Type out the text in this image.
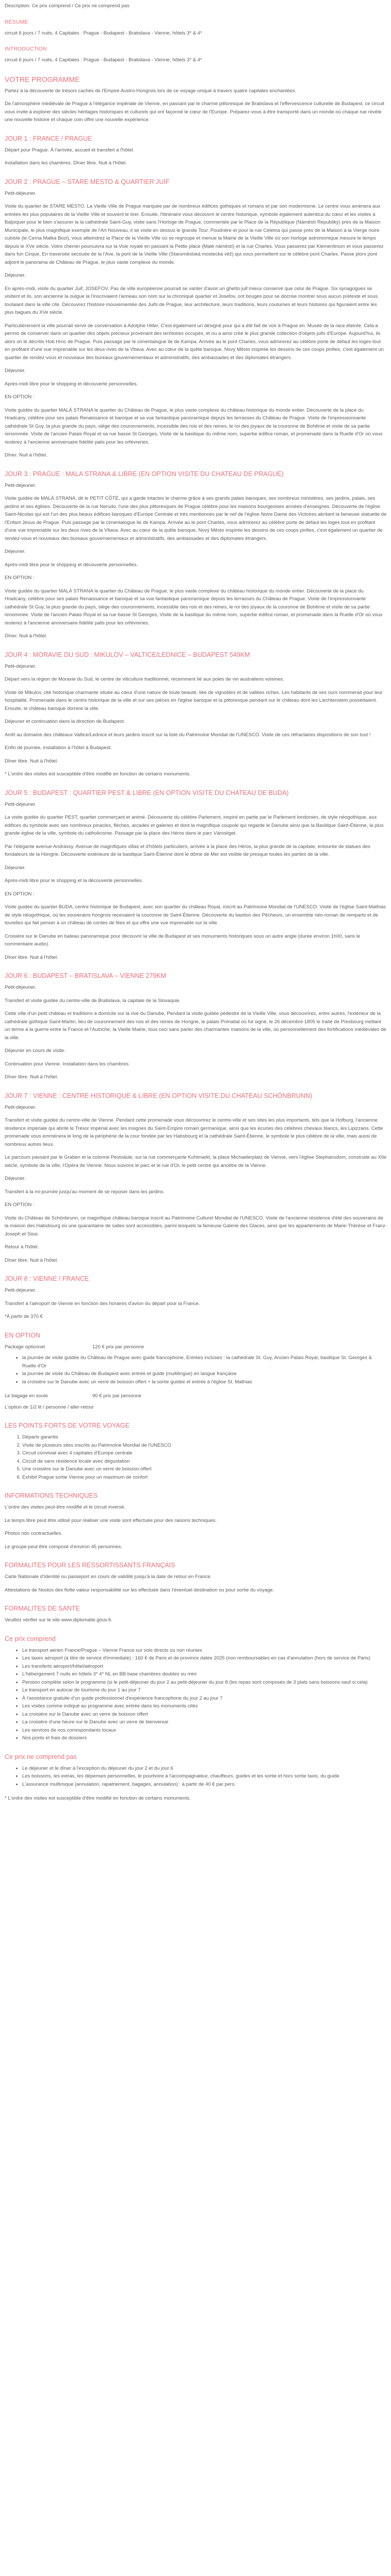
Description: Ce prix comprend / Ce prix ne comprend pas

RÉSUMÉ

circuit 6 jours / 7 nuits, 4 Capitales : Prague - Budapest - Bratislava - Vienne, hôtels 3* & 4*

INTRODUCTION

circuit 6 jours / 7 nuits, 4 Capitales : Prague - Budapest - Bratislava - Vienne, hôtels 3* & 4*

VOTRE PROGRAMME

Partez à la découverte de trésors cachés de l'Empire Austro-Hongrois lors de ce voyage unique à travers quatre capitales enchantées.

De l'atmosphère médiévale de Prague à l'élégance impériale de Vienne, en passant par le charme pittoresque de Bratislava et l'effervescence culturelle de Budapest, ce circuit vous invite à explorer des siècles héritages historiques et culturels qui ont façonné le cœur de l'Europe. Préparez-vous à être transporté dans un monde où chaque rue révèle une nouvelle histoire et chaque coin offre une nouvelle expérience.

JOUR 1 : FRANCE / PRAGUE

Départ pour Prague. À l'arrivée, accueil et transfert à l'hôtel.

Installation dans les chambres. Dîner libre. Nuit à l'hôtel.

JOUR 2 : PRAGUE – STARE MESTO & QUARTIER JUIF

Petit-déjeuner.

Visite du quartier de STARE MESTO. La Vieille Ville de Prague marquée par de nombreux édifices gothiques et romans et par son modernisme. Le centre vous amènera aux entrées les plus populaires de la Vieille Ville et souvent le tirer. Ensuite, l'itinéraire vous découvrir le centre historique, symbole également autentica du cœur et les visites à Balpiquer pour le bien s'assurer la la cathédrale Saint-Guy, visite sans l'Horloge de Prague, commentée par le Place de la République (Náměstí Republiky) près de la Maison Municipale, le plus magnifique exemple de l'Art Nouveau, il se visite en dessus le grande Tour. Poudrière et pour la rue Celetna qui passe près de la Maison à la Vierge noire cubiste (le Cerna Matka Bozi), vous atteindrez la Place de la Vieille Ville où se regroupe et menue la Mairie de la Vieille Ville où son horloge astronomique mesure le temps depuis le XVe siècle. Votre chemin poursuivra sur la Voie royale en passant la Petite place (Malé náměstí) et la rue Charles. Vous passerez par Klementinum et vous passerez dans fun Cirque. En traversée secouée de la l'Ave, la pont de la Vieille Ville (Staroměstská mostecká věž) qui vous permettent sur le célèbre pont Charles. Passe plors pont adjoint le panorama de Château de Prague, le plus vaste complexe du monde.

Déjeuner.

En après-midi, visite du quartier Juif, JOSEFOV. Pas de ville européenne pourrait se vanter d'avoir un ghetto juif mieux conservé que celui de Prague. Six synagogues se visitent et ils, son ancienne la oulgue la l'inscrivaient l'anneau son nom sur la chroniqué quartier et Josefov, ont bouges pour se docrise montrer sous aucun prétexte et sous toutaiant dans la ville cite. Découvrez l'histoire mouvementée des Juifs de Prague, leur architecture, leurs traditions, leurs coutumes et leurs histoires qui figuraient entre les plus bagues du XVe siècle.

Particulièrement la ville pourrait servir de conversation à Adolphe Hitler, C'est également un désigné pour qui a été fait de voir à Prague en. Musée de la race éteinte. Cela a permis de conserver dans un quartier des objets précieux provenant des territoires occupés, et ou a ainsi créé le plus grande collection d'objets juifs d'Europe. Aujourd'hui, ils alors on le décritis Hob Hrnc de Prague. Puis passage par le cimentalogue lie de Kampa. Arrivée au le pont Charles, vous admirerez au célèbre porte de défaut les loges tout en profitant d'une vue imprenable sur les deux rives de la Vltava. Avec au cœur de la quête baroque, Nový Město inspirée les dessins de ces coups pinfies, c'est également un quartier de rendez-vous et nouveaux des bureaux gouvernementaux et administratifs, des ambassades et des diplomates étrangers.

Déjeuner.

Après-midi libre pour le shopping et découverte personnelles.

EN OPTION :

Visite guidée du quartier MALÁ STRANA le quartier du Château de Prague, le plus vaste complexe du château historique du monde entier. Découverte de la place du Hradcany, célébre pour ses palais Renaissance et baroque et sa vue fantastique panoramique depuis les terrasses du Château de Prague. Visite de l'impressionnante cathédrale St Guy, la plus grande du pays, siège des couronnements, incessible des rois et des reines, le roi des joyaux de la couronne de Bohême et visite de sa partie renommée. Visite de l'ancien Palais Royal et sa rue basse St Georges, Visite de la basilique du même nom, superbe édifice roman, et promenade dans la Ruelle d'Or où vous resterez à l'ancienne anniversaire fidélité palis pour les orfèvreries.

Dîner. Nuit à l'hôtel.

JOUR 3 : PRAGUE : MALA STRANA & LIBRE (EN OPTION VISITE DU CHATEAU DE PRAGUE)

Petit-déjeuner.

Visite guidée de MALÁ STRANA, dit le PETIT CÔTÉ, qui a garde intactes le charme grâce à ses grands palais baroques, ses nombreux ministères, ses jardins, palais, ses jardins et ses églises. Découverte de la rue Nerudo, l'une des plus pittoresques de Prague célèbre pour les maisons bourgeoises armées d'enseignes. Découverte de l'église Saint-Nicolas qui est l'un des plus beaux édifices baroques d'Europe Centrale et très mentionnés par le nef de l'église Notre Dame des Victoires abritant la fameuse statuette de l'Enfant Jésus de Prague. Puis passage par le cimentalogue lie de Kampa. Arrivée au le pont Charles, vous admirerez au célèbre porte de défaut les loges tout en profitant d'une vue imprenable sur les deux rives de la Vltava. Avec au cœur de la quête baroque, Nový Město inspirée les dessins de ces coups pinfies, c'est également un quartier de rendez-vous et nouveaux des bureaux gouvernementaux et administratifs, des ambassades et des diplomates étrangers.

Déjeuner.

Après-midi libre pour le shopping et découverte personnelles.

EN OPTION :

Visite guidée du quartier MALÁ STRANA le quartier du Château de Prague, le plus vaste complexe du château historique du monde entier. Découverte de la place du Hradcany, célébre pour ses palais Renaissance et baroque et sa vue fantastique panoramique depuis les terrasses du Château de Prague. Visite de l'impressionnante cathédrale St Guy, la plus grande du pays, siège des couronnements, incessible des rois et des reines, le roi des joyaux de la couronne de Bohême et visite de sa partie renommée. Visite de l'ancien Palais Royal et sa rue basse St Georges, Visite de la basilique du même nom, superbe édifice roman, et promenade dans la Ruelle d'Or où vous resterez à l'ancienne anniversaire fidélité palis pour les orfèvreries.

Dîner. Nuit à l'hôtel.

JOUR 4 : MORAVIE DU SUD : MIKULOV – VALTICE/LEDNICE – BUDAPEST 549KM

Petit-déjeuner.

Départ vers la région de Moravie du Sud, le centre de viticulture traditionnel, récemment lié aux poles de vin australiens voisines.

Visite de Mikulov, cité historique charmante située au cœur d'une nature de toute beauté, liée de vignobles et de vallées riches. Les habitants de ses ours nommerait pour leur hospitalité. Promenade dans le centre historique de la ville et sur ses pièces en l'église baroque et la pittoresque pendant sur le château dont les Liechtenstein possédaient. Ensuite, le château baroque domine la ville.

Déjeuner et continuation dans la direction de Budapest.

Arrêt au domaine des châteaux Valtice/Lednice et leurs jardins inscrit sur la liste du Patrimoine Mondial de l'UNESCO. Visite de ces réfractaires dispositions de son tout !

Enfin de journée, installation à l'hôtel à Budapest.

Dîner libre. Nuit à l'hôtel.

* L'ordre des visites est susceptible d'être modifié en fonction de certains monuments.

JOUR 5 : BUDAPEST : QUARTIER PEST & LIBRE (EN OPTION VISITE DU CHATEAU DE BUDA)

Petit-déjeuner.

La visite guidée du quartier PEST, quartier commerçant et animé. Découverte du célèbre Parlement, inspiré en partie par le Parlement londonien, de style néogothique, aux édifices du symbole avec ses nombreux pinacles, flèches, arcades et galeries et dont la magnifique coupole qui regarde le Danube ainsi que la Basilique Saint-Étienne, la plus grande église de la ville, symbole du catholicisme. Passage par la place des Héros dans le parc Városliget.

Par l'élégante avenue Andrássy. Avenue de magnifiques villas et d'hôtels particuliers, arrivée à la place des Héros, la plus grande de la capitale, entourée de statues des fondateurs de la Hongrie. Découverte extérieure de la basilique Saint-Étienne dont le dôme de Mer est visible de presque toutes les parties de la ville.

Déjeuner.

Après-midi libre pour le shopping et la découverte personnelles.

EN OPTION :

Visite guidée du quartier BUDA, centre historique de Budapest, avec son quartier du château Royal, inscrit au Patrimoine Mondial de l'UNESCO. Visite de l'église Saint-Mathias de style néogothique, où les souverains hongrois recevaient la couronne de Saint-Étienne. Découverte du bastion des Pêcheurs, un ensemble néo-roman de remparts et de tourelles qui fait penser à un château de contes de fées et qui offre une vue imprenable sur la ville.

Croisière sur le Danube en bateau panoramique pour découvrir la ville de Budapest et ses monuments historiques sous un autre angle (durée environ 1h00, sans le commentaire audio).

Dîner libre. Nuit à l'hôtel.

JOUR 6 : BUDAPEST – BRATISLAVA – VIENNE 279KM

Petit-déjeuner.

Transfert et visite guidée du centre-ville de Bratislava, la capitale de la Slovaquie.

Cette ville d'un petit château et traditions à domicile sur la rive du Danube, Pendant la visite guidée pédestre de la Vieille Ville, vous découvrirez, entre autres, l'extérieur de la cathédrale gothique Saint-Martin, lieu de couronnement des rois et des reines de Hongrie, le palais Primatial où fut signé, le 26 décembre 1805 le traité de Presbourg mettant un terme à la guerre entre la France et l'Autriche, la Vieille Mairie, tous ceci sans parler des charmantes maisons de la ville, où personnellement des fortifications médiévales de la ville.

Déjeuner en cours de visite.

Continuation pour Vienne. Installation dans les chambres.

Dîner libre. Nuit à l'hôtel.

JOUR 7 : VIENNE : CENTRE HISTORIQUE & LIBRE (EN OPTION VISITE DU CHATEAU SCHÖNBRUNN)

Petit-déjeuner.

Transfert et visite guidée du centre-ville de Vienne. Pendant cette promenade vous découvrirez le centre-ville et ses sites les plus importants, tels que la Hofburg, l'ancienne résidence impériale qui abrite le Trésor impérial avec les insignes du Saint-Empire romain germanique, ainsi que les écuries des célèbres chevaux blancs, les Lipizzans. Cette promenade vous emmènera le long de la périphérie de la cour fondée par les Habsbourg et la cathédrale Saint-Étienne, le symbole le plus célèbre de la ville, mais aussi de nombreux autres lieux.

Le parcours passant par le Graben et la colonne Pestsäule, sur la rue commerçante Kohlmarkt, la place Michaelerplatz de Vienne, vers l'église Stephansdom, construite au XIIe siècle, symbole de la ville, l'Opéra de Vienne. Nous suivons le parc et le rue d'Or, le petit centre qui ancêtre de la Vienne.

Déjeuner.

Transfert à la mi-journée jusqu'au moment de se reposer dans les jardins.

EN OPTION :

Visite du Château de Schönbrunn, ce magnifique château baroque inscrit au Patrimoine Culturel Mondial de l'UNESCO. Visite de l'ancienne résidence d'été des souverains de la maison des Habsbourg où une quarantaine de salles sont accessibles, parmi lesquels la fameuse Galerie des Glaces, ainsi que les appartements de Marie-Thérèse et Franz-Joseph et Sissi.

Retour à l'hôtel.

Dîner libre. Nuit à l'hôtel.

JOUR 8 : VIENNE / FRANCE

Petit-déjeuner.

Transfert à l'aéroport de Vienne en fonction des horaires d'avion du départ pour la France.

*À partir de 370 €

EN OPTION
Package optionnel	120 € prix par personne
• la journée de visite guidée du Château de Prague avec guide francophone, Entrées incluses : la cathédrale St. Guy, Ancien Palais Royal, basilique St. Georges & Ruelle d'Or
• la journée de visite du Château de Budapest avec entrée et guide (multilingue) en langue française
• la croisière sur le Danube avec un verre de boisson offert + la sortie guidée et entrée à l'église St. Mathias
Le bagage en soute	90 € prix par personne

L'option de 1/2 lit / personne / aller-retour

LES POINTS FORTS DE VOTRE VOYAGE
1. Départs garantis
2. Visite de plusieurs sites inscrits au Patrimoine Mondial de l'UNESCO
3. Circuit convivial avec 4 capitales d'Europe centrale
4. Circuit de sans résidence locale avec dégustation
5. Une croisière sur le Danube avec un verre de boisson offert
6. Exhibit Prague sortie Vienne pour un maximum de confort
INFORMATIONS TECHNIQUES

L'ordre des visites peut-être modifié et le circuit inversé.

Le temps libre peut être utilisé pour réaliser une visite sont effectuée pour des raisons techniques.

Photos non contractuelles.

Le groupe peut être composé d'environ 45 personnes.

FORMALITES POUR LES RESSORTISSANTS FRANÇAIS

Carte Nationale d'Identité ou passeport en cours de validité jusqu'à la date de retour en France.

Attestations de Nostos des flotte valeur responsabilité sur les effectuée dans l'éventuel destination ou pour sortie du voyage.

FORMALITES DE SANTE

Veuillez vérifier sur le site www.diplomatie.gouv.fr.

Ce prix comprend
• Le transport aérien France/Prague – Vienne France sur vols directs ou non réunies
• Les taxes aéroport (à titre de service d'immediate) : 160 € de Paris et de province datée 2025 (non remboursables en cas d'annulation (hors de service de Paris)
• Les transferts aéroport/hôtel/aéroport
• L'hébergement 7 nuits en hôtels 3* 4* NL en BB base chambres doubles ou mini
• Pension complète selon le programme (si le petit-déjeuner du jour 2 au petit-déjeuner du jour 8 (les repas sont composés de 3 plats sans boissons sauf si cela)
• Le transport en autocar de tourisme du jour 1 au jour 7
• À l'assistance gratuite d'un guide professionnel d'expérience francophone du jour 2 au jour 7
• Les visites comme indiqué au programme avec entrée dans les monuments cités
• La croisière sur le Danube avec un verre de boisson offert
• La croisière d'une heure sur le Danube avec un verre de bienvenue
• Les services de nos correspondants locaux
• Nos ponts et frais de dossiers
Ce prix ne comprend pas
• Le déjeuner et le dîner à l'exception du déjeuner du jour 2 et du jour 6
• Les boissons, les extras, les dépenses personnelles, le pourboire à l'accompagnateur, chauffeurs, guides et les sortie et hors sortie taxis, du guide
• L'assurance multirisque (annulation, rapatriement, bagages, annulation) : à partir de 40 € par pers.

* L'ordre des visites est susceptible d'être modifié en fonction de certains monuments.
